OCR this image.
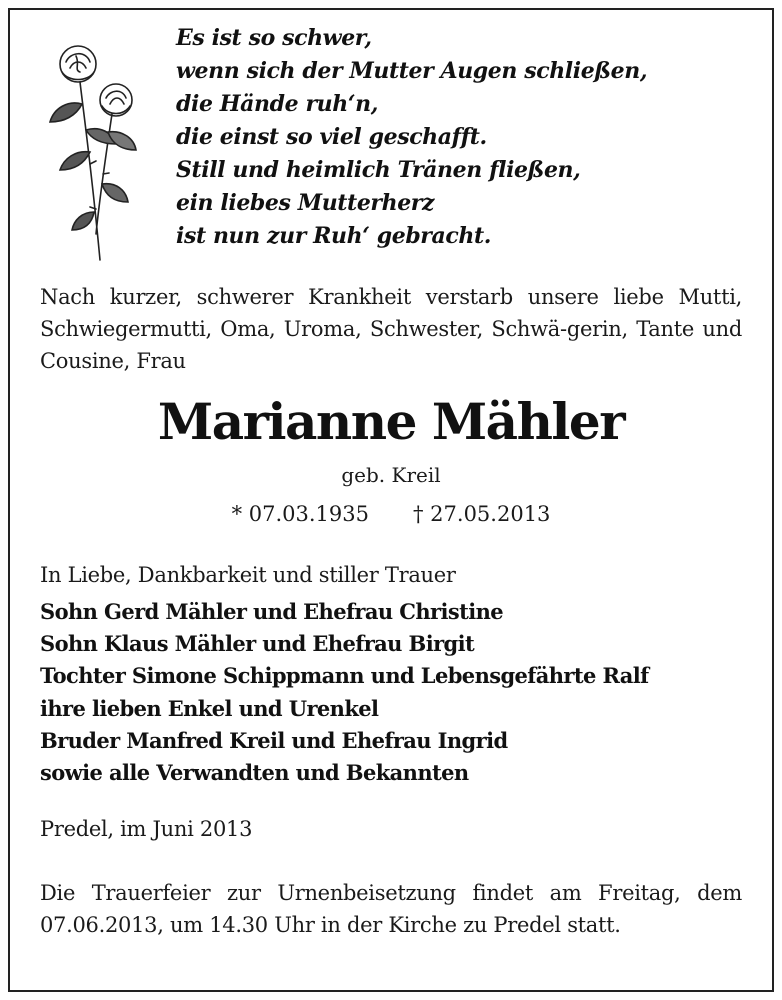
Es ist so schwer,
wenn sich der Mutter Augen schließen,
die Hände ruh‘n,
die einst so viel geschafft.
Still und heimlich Tränen fließen,
ein liebes Mutterherz
ist nun zur Ruh‘ gebracht.

Nach kurzer, schwerer Krankheit verstarb unsere liebe Mutti, Schwiegermutti, Oma, Uroma, Schwester, Schwä-gerin, Tante und Cousine, Frau

Marianne Mähler
geb. Kreil
* 07.03.1935 † 27.05.2013

In Liebe, Dankbarkeit und stiller Trauer

Sohn Gerd Mähler und Ehefrau Christine
Sohn Klaus Mähler und Ehefrau Birgit
Tochter Simone Schippmann und Lebensgefährte Ralf
ihre lieben Enkel und Urenkel
Bruder Manfred Kreil und Ehefrau Ingrid
sowie alle Verwandten und Bekannten

Predel, im Juni 2013

Die Trauerfeier zur Urnenbeisetzung findet am Freitag, dem 07.06.2013, um 14.30 Uhr in der Kirche zu Predel statt.
